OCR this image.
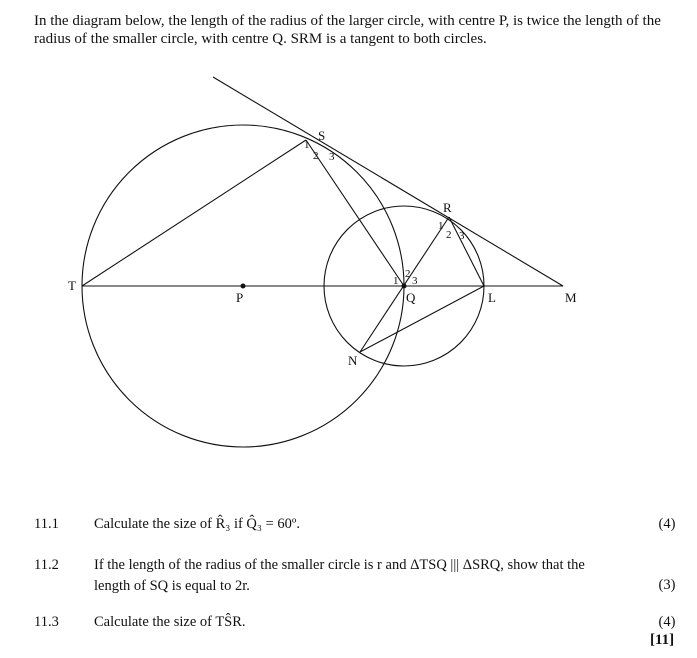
In the diagram below, the length of the radius of the larger circle, with centre P, is twice the length of the radius of the smaller circle, with centre Q. SRM is a tangent to both circles.
S
R
T
P	Q	L	M
N
1
2 3
1
2 3
1
2
3
11.1	Calculate the size of R̂₃ if Q̂₃ = 60º.	(4)
11.2	If the length of the radius of the smaller circle is r and ΔTSQ ||| ΔSRQ, show that the length of SQ is equal to 2r.	(3)
11.3	Calculate the size of TŜR.	(4)
[11]
